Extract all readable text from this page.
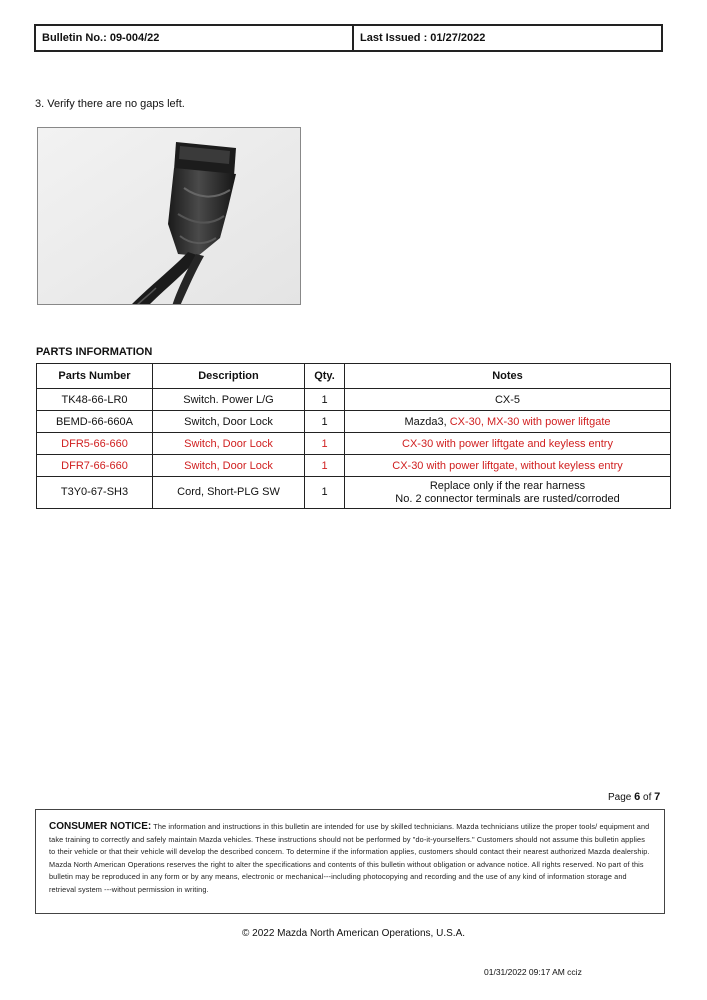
Bulletin No.: 09-004/22	Last Issued : 01/27/2022
3. Verify there are no gaps left.
PARTS INFORMATION
Parts Number	Description	Qty.	Notes
TK48-66-LR0	Switch. Power L/G	1	CX-5
BEMD-66-660A	Switch, Door Lock	1	Mazda3, CX-30, MX-30 with power liftgate
DFR5-66-660	Switch, Door Lock	1	CX-30 with power liftgate and keyless entry
DFR7-66-660	Switch, Door Lock	1	CX-30 with power liftgate, without keyless entry
T3Y0-67-SH3	Cord, Short-PLG SW	1	Replace only if the rear harness
No. 2 connector terminals are rusted/corroded
Page 6 of 7
CONSUMER NOTICE: The information and instructions in this bulletin are intended for use by skilled technicians. Mazda technicians utilize the proper tools/ equipment and take training to correctly and safely maintain Mazda vehicles. These instructions should not be performed by "do-it-yourselfers." Customers should not assume this bulletin applies to their vehicle or that their vehicle will develop the described concern. To determine if the information applies, customers should contact their nearest authorized Mazda dealership. Mazda North American Operations reserves the right to alter the specifications and contents of this bulletin without obligation or advance notice. All rights reserved. No part of this bulletin may be reproduced in any form or by any means, electronic or mechanical---including photocopying and recording and the use of any kind of information storage and retrieval system ---without permission in writing.
© 2022 Mazda North American Operations, U.S.A.
01/31/2022 09:17 AM cciz
